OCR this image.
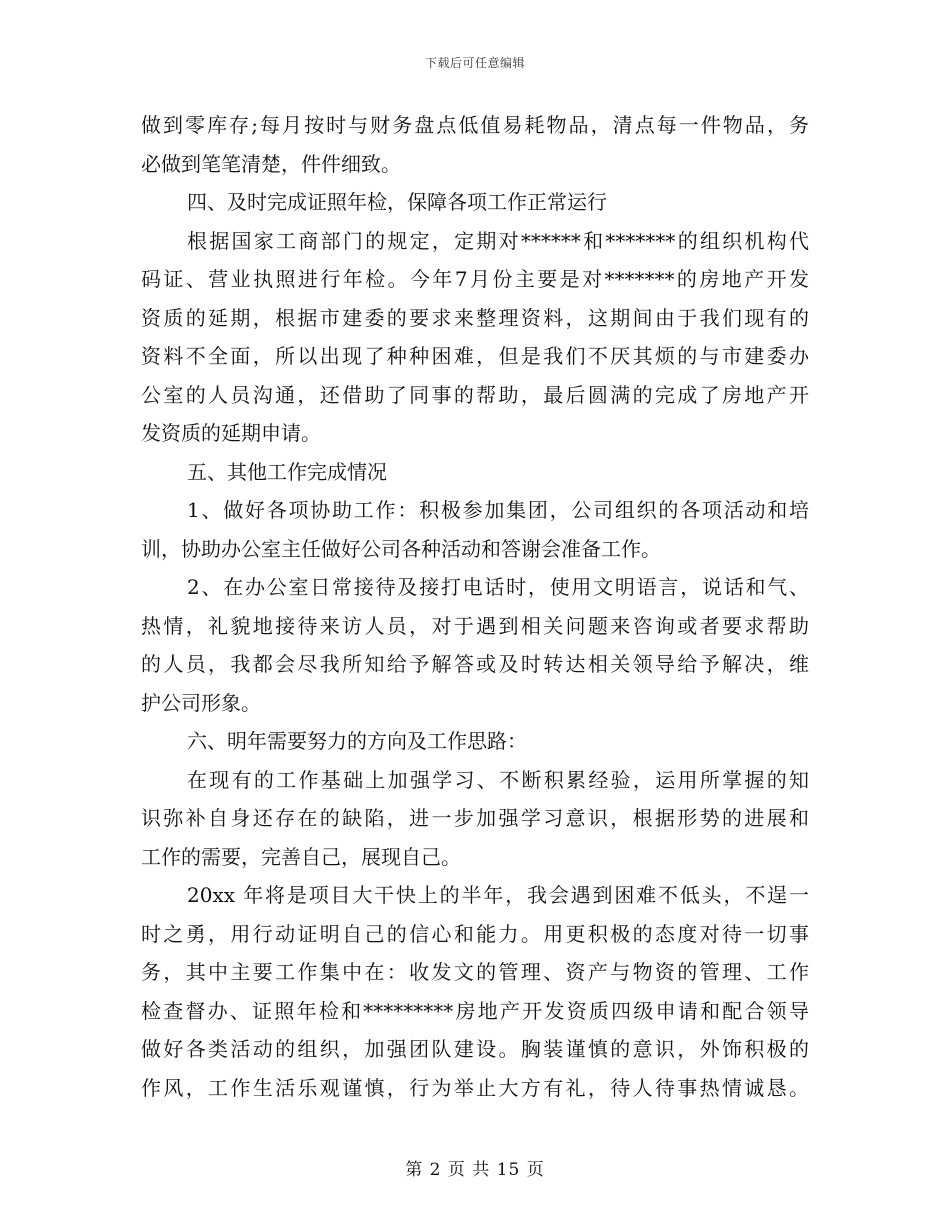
下载后可任意编辑
做到零库存;每月按时与财务盘点低值易耗物品，清点每一件物品，务
必做到笔笔清楚，件件细致。
四、及时完成证照年检，保障各项工作正常运行
根据国家工商部门的规定，定期对******和*******的组织机构代
码证、营业执照进行年检。今年7月份主要是对*******的房地产开发
资质的延期，根据市建委的要求来整理资料，这期间由于我们现有的
资料不全面，所以出现了种种困难，但是我们不厌其烦的与市建委办
公室的人员沟通，还借助了同事的帮助，最后圆满的完成了房地产开
发资质的延期申请。
五、其他工作完成情况
1、做好各项协助工作：积极参加集团，公司组织的各项活动和培
训，协助办公室主任做好公司各种活动和答谢会准备工作。
2、在办公室日常接待及接打电话时，使用文明语言，说话和气、
热情，礼貌地接待来访人员，对于遇到相关问题来咨询或者要求帮助
的人员，我都会尽我所知给予解答或及时转达相关领导给予解决，维
护公司形象。
六、明年需要努力的方向及工作思路：
在现有的工作基础上加强学习、不断积累经验，运用所掌握的知
识弥补自身还存在的缺陷，进一步加强学习意识，根据形势的进展和
工作的需要，完善自己，展现自己。
20xx 年将是项目大干快上的半年，我会遇到困难不低头，不逞一
时之勇，用行动证明自己的信心和能力。用更积极的态度对待一切事
务，其中主要工作集中在：收发文的管理、资产与物资的管理、工作
检查督办、证照年检和*********房地产开发资质四级申请和配合领导
做好各类活动的组织，加强团队建设。胸装谨慎的意识，外饰积极的
作风，工作生活乐观谨慎，行为举止大方有礼，待人待事热情诚恳。
第 2 页 共 15 页
